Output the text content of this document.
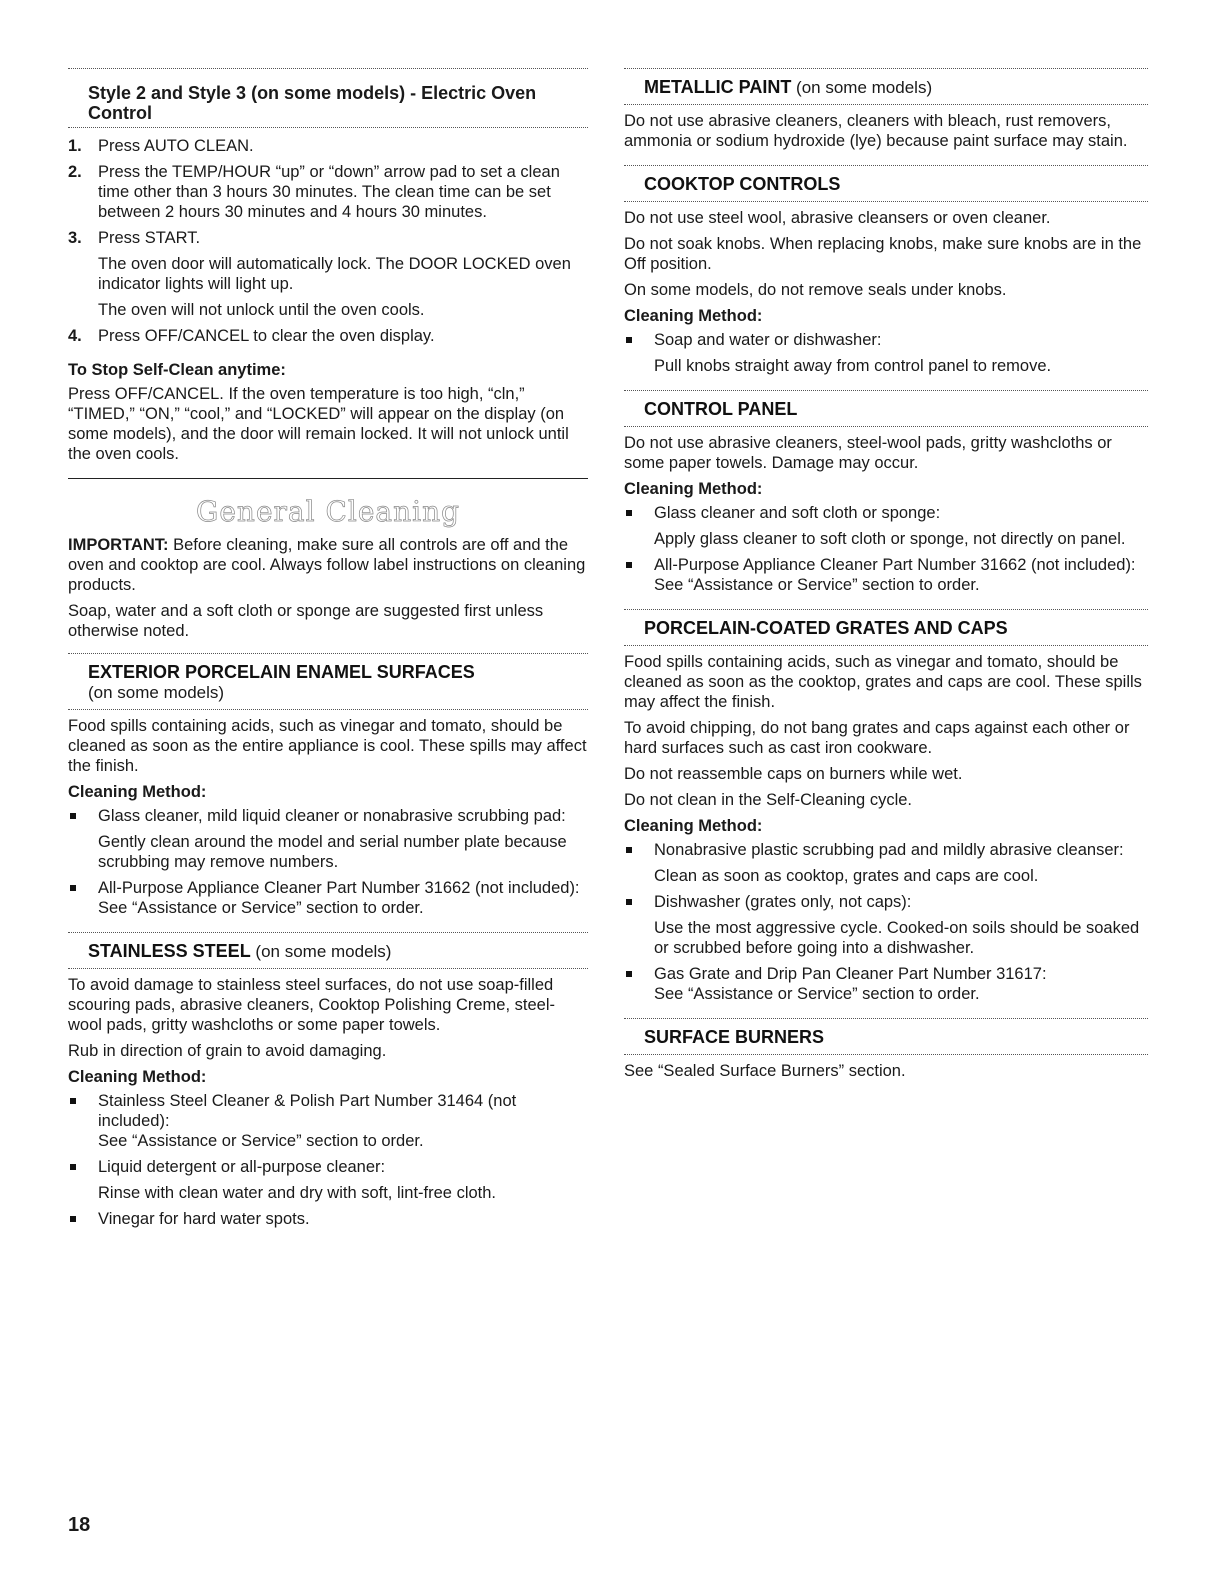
Style 2 and Style 3 (on some models) - Electric Oven Control
1. Press AUTO CLEAN.
2. Press the TEMP/HOUR “up” or “down” arrow pad to set a clean time other than 3 hours 30 minutes. The clean time can be set between 2 hours 30 minutes and 4 hours 30 minutes.
3. Press START.
The oven door will automatically lock. The DOOR LOCKED oven indicator lights will light up.
The oven will not unlock until the oven cools.
4. Press OFF/CANCEL to clear the oven display.
To Stop Self-Clean anytime:

Press OFF/CANCEL. If the oven temperature is too high, “cln,” “TIMED,” “ON,” “cool,” and “LOCKED” will appear on the display (on some models), and the door will remain locked. It will not unlock until the oven cools.

General Cleaning

IMPORTANT: Before cleaning, make sure all controls are off and the oven and cooktop are cool. Always follow label instructions on cleaning products.

Soap, water and a soft cloth or sponge are suggested first unless otherwise noted.

EXTERIOR PORCELAIN ENAMEL SURFACES
(on some models)

Food spills containing acids, such as vinegar and tomato, should be cleaned as soon as the entire appliance is cool. These spills may affect the finish.

Cleaning Method:
Glass cleaner, mild liquid cleaner or nonabrasive scrubbing pad:
Gently clean around the model and serial number plate because scrubbing may remove numbers.
All-Purpose Appliance Cleaner Part Number 31662 (not included):
See “Assistance or Service” section to order.
STAINLESS STEEL (on some models)

To avoid damage to stainless steel surfaces, do not use soap-filled scouring pads, abrasive cleaners, Cooktop Polishing Creme, steel-wool pads, gritty washcloths or some paper towels.

Rub in direction of grain to avoid damaging.

Cleaning Method:
Stainless Steel Cleaner & Polish Part Number 31464 (not included):
See “Assistance or Service” section to order.
Liquid detergent or all-purpose cleaner:
Rinse with clean water and dry with soft, lint-free cloth.
Vinegar for hard water spots.
METALLIC PAINT (on some models)

Do not use abrasive cleaners, cleaners with bleach, rust removers, ammonia or sodium hydroxide (lye) because paint surface may stain.

COOKTOP CONTROLS

Do not use steel wool, abrasive cleansers or oven cleaner.

Do not soak knobs. When replacing knobs, make sure knobs are in the Off position.

On some models, do not remove seals under knobs.

Cleaning Method:
Soap and water or dishwasher:
Pull knobs straight away from control panel to remove.
CONTROL PANEL

Do not use abrasive cleaners, steel-wool pads, gritty washcloths or some paper towels. Damage may occur.

Cleaning Method:
Glass cleaner and soft cloth or sponge:
Apply glass cleaner to soft cloth or sponge, not directly on panel.
All-Purpose Appliance Cleaner Part Number 31662 (not included):
See “Assistance or Service” section to order.
PORCELAIN-COATED GRATES AND CAPS

Food spills containing acids, such as vinegar and tomato, should be cleaned as soon as the cooktop, grates and caps are cool. These spills may affect the finish.

To avoid chipping, do not bang grates and caps against each other or hard surfaces such as cast iron cookware.

Do not reassemble caps on burners while wet.

Do not clean in the Self-Cleaning cycle.

Cleaning Method:
Nonabrasive plastic scrubbing pad and mildly abrasive cleanser:
Clean as soon as cooktop, grates and caps are cool.
Dishwasher (grates only, not caps):
Use the most aggressive cycle. Cooked-on soils should be soaked or scrubbed before going into a dishwasher.
Gas Grate and Drip Pan Cleaner Part Number 31617:
See “Assistance or Service” section to order.
SURFACE BURNERS

See “Sealed Surface Burners” section.

18
